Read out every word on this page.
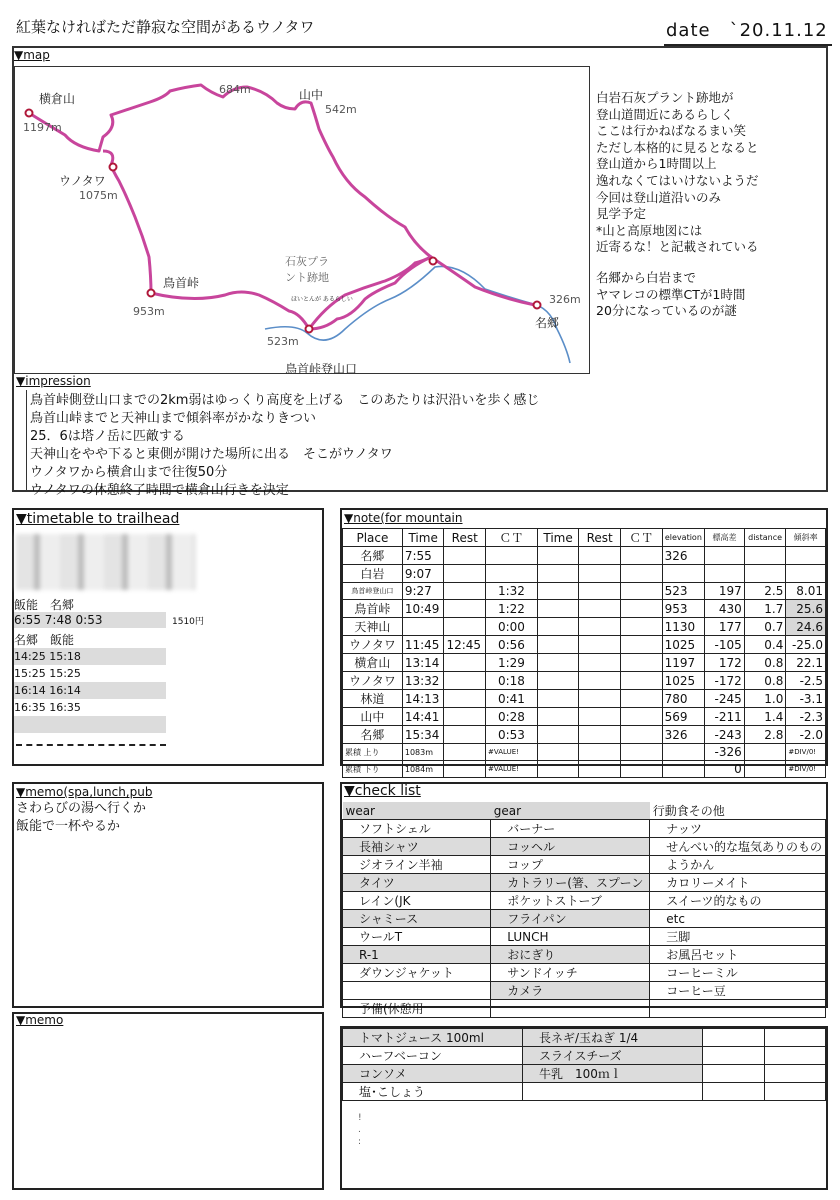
紅葉なければただ静寂な空間があるウノタワ	date　`20.11.12
▼map
横倉山
1197m
ウノタワ
1075m
684m	山中
542m
鳥首峠
953m
石灰プラント跡地
ほいとんが あるらしい
鳥首峠登山口
523m
名郷
326m
白岩石灰プラント跡地が
登山道間近にあるらしく
ここは行かねばなるまい笑
ただし本格的に見るとなると
登山道から1時間以上
逸れなくてはいけないようだ
今回は登山道沿いのみ
見学予定
*山と高原地図には
近寄るな！と記載されている
名郷から白岩まで
ヤマレコの標準CTが1時間
20分になっているのが謎
▼impression
鳥首峠側登山口までの2km弱はゆっくり高度を上げる　このあたりは沢沿いを歩く感じ
鳥首山峠までと天神山まで傾斜率がかなりきつい
25．6は塔ノ岳に匹敵する
天神山をやや下ると東側が開けた場所に出る　そこがウノタワ
ウノタワから横倉山まで往復50分
ウノタワの休憩終了時間で横倉山行きを決定
▼timetable to trailhead
飯能　名郷
6:55 7:48 0:53	1510円
名郷　飯能
14:25 15:18
15:25 15:25
16:14 16:14
16:35 16:35
▼note(for mountain
Place	Time	Rest	ＣＴ	Time	Rest	ＣＴ	elevation	標高差	distance	傾斜率
名郷	7:55						326			
白岩	9:07									
鳥首峠登山口	9:27		1:32				523	197	2.5	8.01
鳥首峠	10:49		1:22				953	430	1.7	25.6
天神山			0:00				1130	177	0.7	24.6
ウノタワ	11:45	12:45	0:56				1025	-105	0.4	-25.0
横倉山	13:14		1:29				1197	172	0.8	22.1
ウノタワ	13:32		0:18				1025	-172	0.8	-2.5
林道	14:13		0:41				780	-245	1.0	-3.1
山中	14:41		0:28				569	-211	1.4	-2.3
名郷	15:34		0:53				326	-243	2.8	-2.0
累積 上り	1083m		#VALUE!					-326		#DIV/0!
累積 下り	1084m		#VALUE!					0		#DIV/0!
▼memo(spa,lunch,pub
さわらびの湯へ行くか
飯能で一杯やるか
▼check list
wear	gear	行動食その他
ソフトシェル	バーナー	ナッツ
長袖シャツ	コッヘル	せんべい的な塩気ありのもの
ジオライン半袖	コップ	ようかん
タイツ	カトラリー(箸、スプーン	カロリーメイト
レイン(JK	ポケットストーブ	スイーツ的なもの
シャミース	フライパン	etc
ウールT	LUNCH	三脚
R-1	おにぎり	お風呂セット
ダウンジャケット	サンドイッチ	コーヒーミル
	カメラ	コーヒー豆
予備(休憩用		
▼memo
トマトジュース 100ml	長ネギ/玉ねぎ 1/4		
ハーフベーコン	スライスチーズ		
コンソメ	牛乳　100ｍｌ		
塩･こしょう			
!
.
:
